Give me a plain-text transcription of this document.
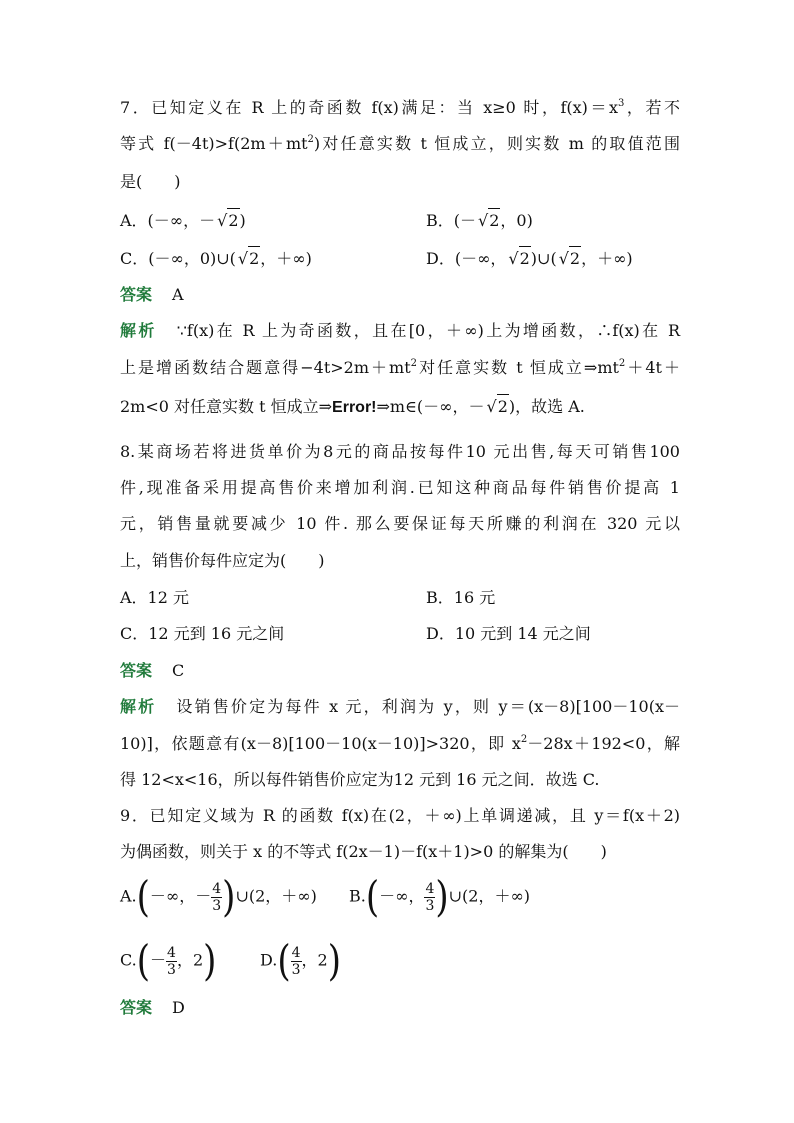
7．已知定义在 R 上的奇函数 f(x)满足：当 x≥0 时，$f(x)=x^3$，若不
等式 $f(-4t)>f(2m+mt^2)$对任意实数 t 恒成立，则实数 m 的取值范围
是(　　)
A．(－∞，－ √2)	B．(－ √2，0)
C．(－∞，0)∪( √2，＋∞)	D．(－∞， √2)∪( √2，＋∞)
答案 A
解析 ∵f(x)在 R 上为奇函数，且在[0，＋∞)上为增函数，∴f(x)在 R
上是增函数结合题意得$-4t>2m+mt^2$对任意实数 t 恒成立$\Rightarrow mt^2+4t+$
2m<0 对任意实数 t 恒成立⇒Error!⇒m∈(－∞，－ √2)，故选 A.
8.某商场若将进货单价为8元的商品按每件10 元出售,每天可销售100
件,现准备采用提高售价来增加利润.已知这种商品每件销售价提高 1
元，销售量就要减少 10 件. 那么要保证每天所赚的利润在 320 元以
上，销售价每件应定为(　　)
A．12 元	B．16 元
C．12 元到 16 元之间	D．10 元到 14 元之间
答案 C
解析 设销售价定为每件 x 元，利润为 y，则 y＝(x－8)[100－10(x－
10)]，依题意有(x－8)[100－10(x－10)]>320，即 $x^2-28x+192<0$，解
得 12<x<16，所以每件销售价应定为12 元到 16 元之间．故选 C.
9．已知定义域为 R 的函数 f(x)在(2，＋∞)上单调递减，且 y＝f(x＋2)
为偶函数，则关于 x 的不等式 f(2x－1)－f(x＋1)>0 的解集为(　　)
A.(－∞，－ $\frac{4}{3}$ )∪(2，＋∞) B.(－∞， $\frac{4}{3}$ )∪(2，＋∞)
$C.(- \frac{4}{3}$ ，2)	$D.( \frac{4}{3}$ ，2)
答案 D
